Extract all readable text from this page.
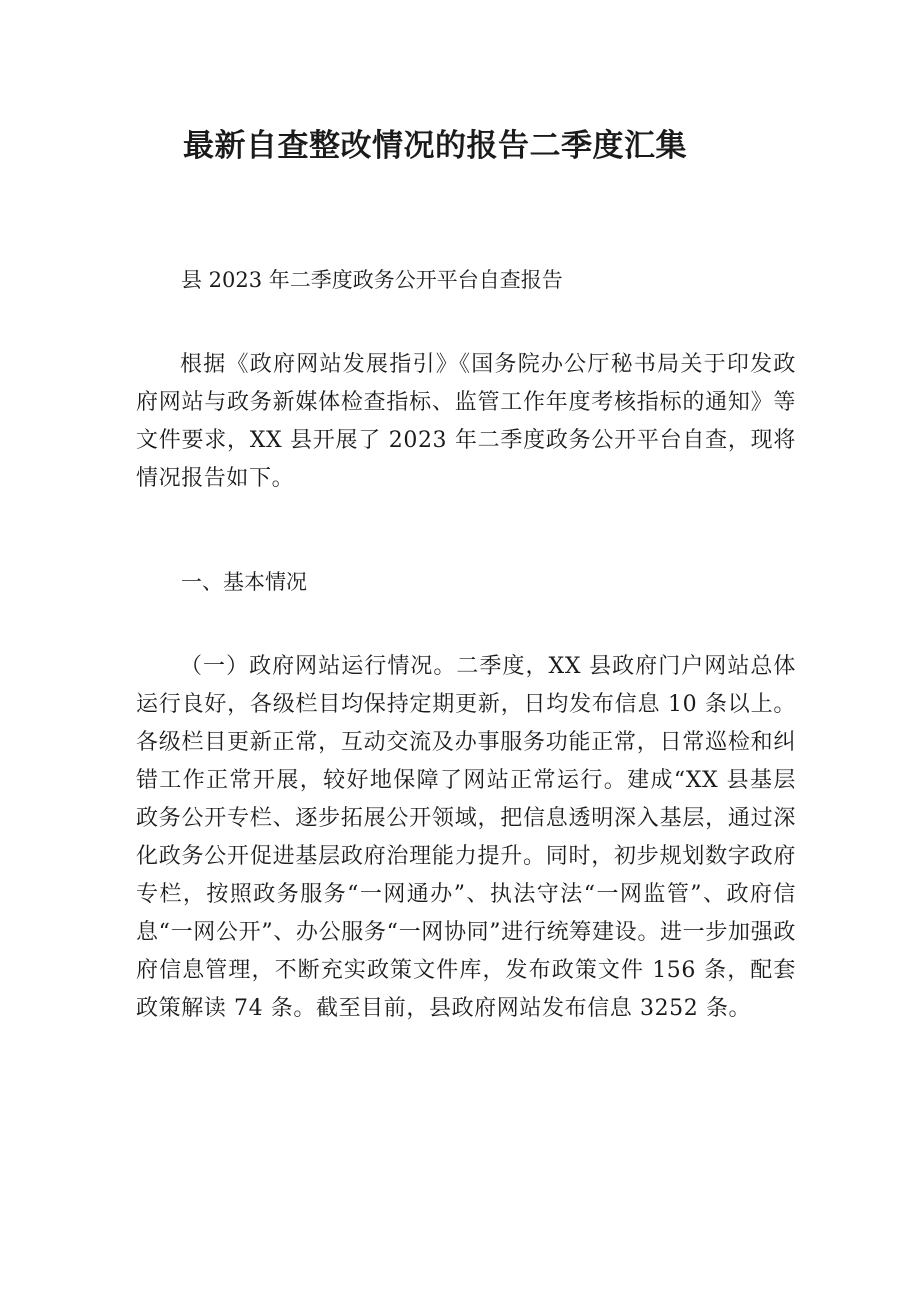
最新自查整改情况的报告二季度汇集

县 2023 年二季度政务公开平台自查报告

根据《政府网站发展指引》《国务院办公厅秘书局关于印发政府网站与政务新媒体检查指标、监管工作年度考核指标的通知》等文件要求，XX 县开展了 2023 年二季度政务公开平台自查，现将情况报告如下。

一、基本情况

（一）政府网站运行情况。二季度，XX 县政府门户网站总体运行良好，各级栏目均保持定期更新，日均发布信息 10 条以上。各级栏目更新正常，互动交流及办事服务功能正常，日常巡检和纠错工作正常开展，较好地保障了网站正常运行。建成“XX 县基层政务公开专栏、逐步拓展公开领域，把信息透明深入基层，通过深化政务公开促进基层政府治理能力提升。同时，初步规划数字政府专栏，按照政务服务“一网通办”、执法守法“一网监管”、政府信息“一网公开”、办公服务“一网协同”进行统筹建设。进一步加强政府信息管理，不断充实政策文件库，发布政策文件 156 条，配套政策解读 74 条。截至目前，县政府网站发布信息 3252 条。
